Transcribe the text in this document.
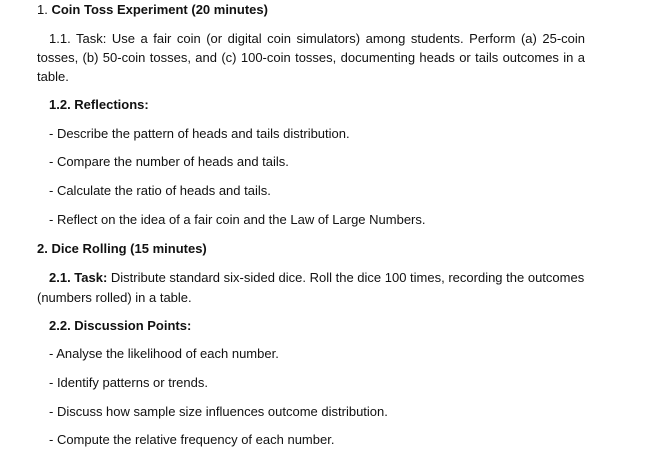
1. Coin Toss Experiment (20 minutes)
1.1. Task: Use a fair coin (or digital coin simulators) among students. Perform (a) 25-coin tosses, (b) 50-coin tosses, and (c) 100-coin tosses, documenting heads or tails outcomes in a table.
1.2. Reflections:
- Describe the pattern of heads and tails distribution.
- Compare the number of heads and tails.
- Calculate the ratio of heads and tails.
- Reflect on the idea of a fair coin and the Law of Large Numbers.
2. Dice Rolling (15 minutes)
2.1. Task: Distribute standard six-sided dice. Roll the dice 100 times, recording the outcomes (numbers rolled) in a table.
2.2. Discussion Points:
- Analyse the likelihood of each number.
- Identify patterns or trends.
- Discuss how sample size influences outcome distribution.
- Compute the relative frequency of each number.
